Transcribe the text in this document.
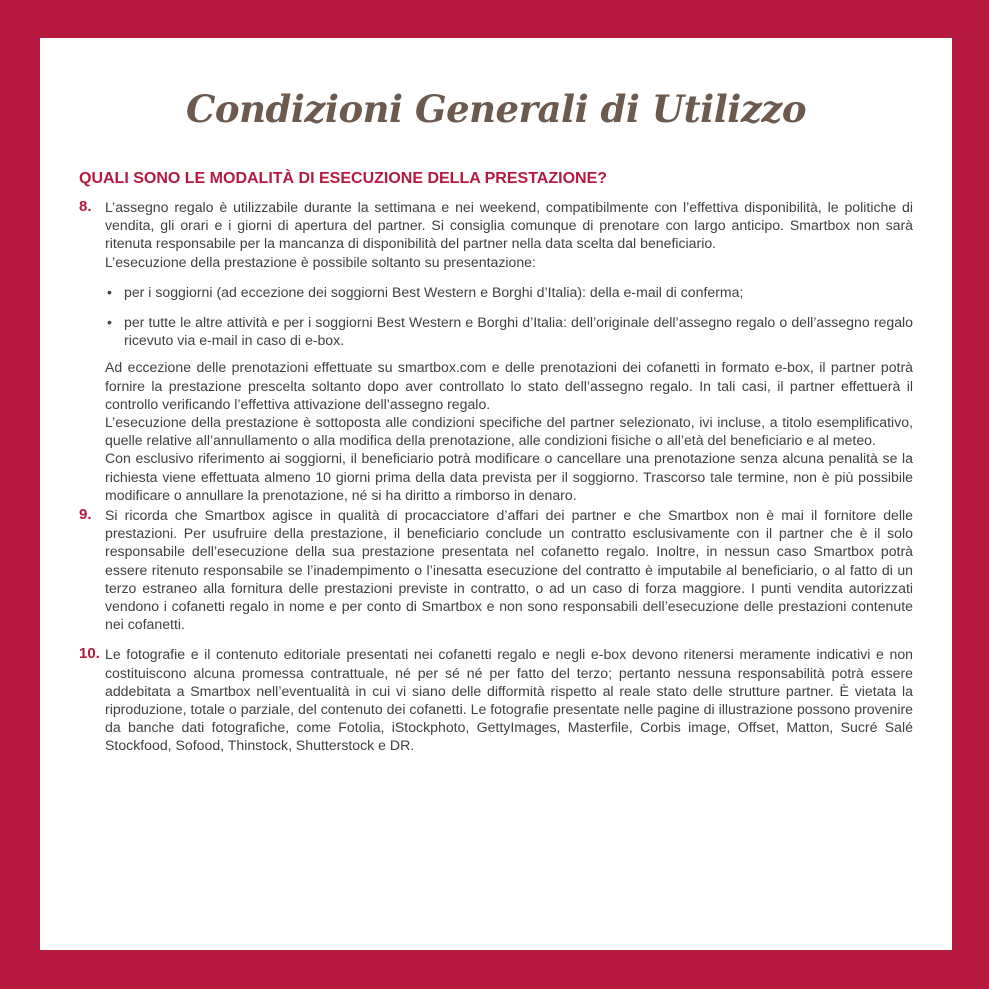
Condizioni Generali di Utilizzo
QUALI SONO LE MODALITÀ DI ESECUZIONE DELLA PRESTAZIONE?
8. L’assegno regalo è utilizzabile durante la settimana e nei weekend, compatibilmente con l’effettiva disponibilità, le politiche di vendita, gli orari e i giorni di apertura del partner. Si consiglia comunque di prenotare con largo anticipo. Smartbox non sarà ritenuta responsabile per la mancanza di disponibilità del partner nella data scelta dal beneficiario.

L’esecuzione della prestazione è possibile soltanto su presentazione:

• per i soggiorni (ad eccezione dei soggiorni Best Western e Borghi d’Italia): della e-mail di conferma;
• per tutte le altre attività e per i soggiorni Best Western e Borghi d’Italia: dell’originale dell’assegno regalo o dell’assegno regalo ricevuto via e-mail in caso di e-box.

Ad eccezione delle prenotazioni effettuate su smartbox.com e delle prenotazioni dei cofanetti in formato e-box, il partner potrà fornire la prestazione prescelta soltanto dopo aver controllato lo stato dell’assegno regalo. In tali casi, il partner effettuerà il controllo verificando l’effettiva attivazione dell’assegno regalo.

L’esecuzione della prestazione è sottoposta alle condizioni specifiche del partner selezionato, ivi incluse, a titolo esemplificativo, quelle relative all’annullamento o alla modifica della prenotazione, alle condizioni fisiche o all’età del beneficiario e al meteo.

Con esclusivo riferimento ai soggiorni, il beneficiario potrà modificare o cancellare una prenotazione senza alcuna penalità se la richiesta viene effettuata almeno 10 giorni prima della data prevista per il soggiorno. Trascorso tale termine, non è più possibile modificare o annullare la prenotazione, né si ha diritto a rimborso in denaro.

9. Si ricorda che Smartbox agisce in qualità di procacciatore d’affari dei partner e che Smartbox non è mai il fornitore delle prestazioni. Per usufruire della prestazione, il beneficiario conclude un contratto esclusivamente con il partner che è il solo responsabile dell’esecuzione della sua prestazione presentata nel cofanetto regalo. Inoltre, in nessun caso Smartbox potrà essere ritenuto responsabile se l’inadempimento o l’inesatta esecuzione del contratto è imputabile al beneficiario, o al fatto di un terzo estraneo alla fornitura delle prestazioni previste in contratto, o ad un caso di forza maggiore. I punti vendita autorizzati vendono i cofanetti regalo in nome e per conto di Smartbox e non sono responsabili dell’esecuzione delle prestazioni contenute nei cofanetti.

10. Le fotografie e il contenuto editoriale presentati nei cofanetti regalo e negli e-box devono ritenersi meramente indicativi e non costituiscono alcuna promessa contrattuale, né per sé né per fatto del terzo; pertanto nessuna responsabilità potrà essere addebitata a Smartbox nell’eventualità in cui vi siano delle difformità rispetto al reale stato delle strutture partner. È vietata la riproduzione, totale o parziale, del contenuto dei cofanetti. Le fotografie presentate nelle pagine di illustrazione possono provenire da banche dati fotografiche, come Fotolia, iStockphoto, GettyImages, Masterfile, Corbis image, Offset, Matton, Sucré Salé Stockfood, Sofood, Thinstock, Shutterstock e DR.
